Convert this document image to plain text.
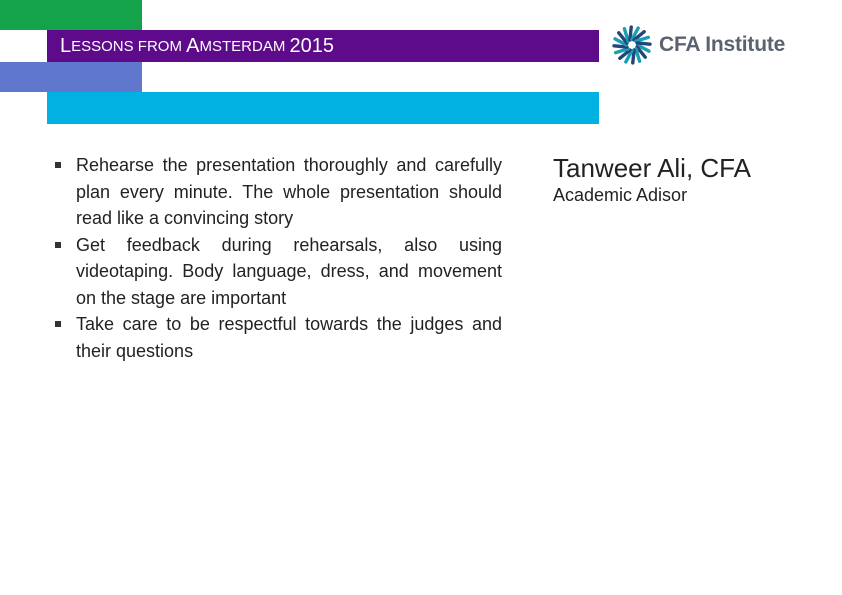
L ESSONS FROM A MSTERDAM 2015	CFA Institute
Rehearse the presentation thoroughly and carefully plan every minute. The whole presentation should read like a convincing story
Get feedback during rehearsals, also using videotaping. Body language, dress, and movement on the stage are important
Take care to be respectful towards the judges and their questions
Tanweer Ali, CFA
Academic Adisor
